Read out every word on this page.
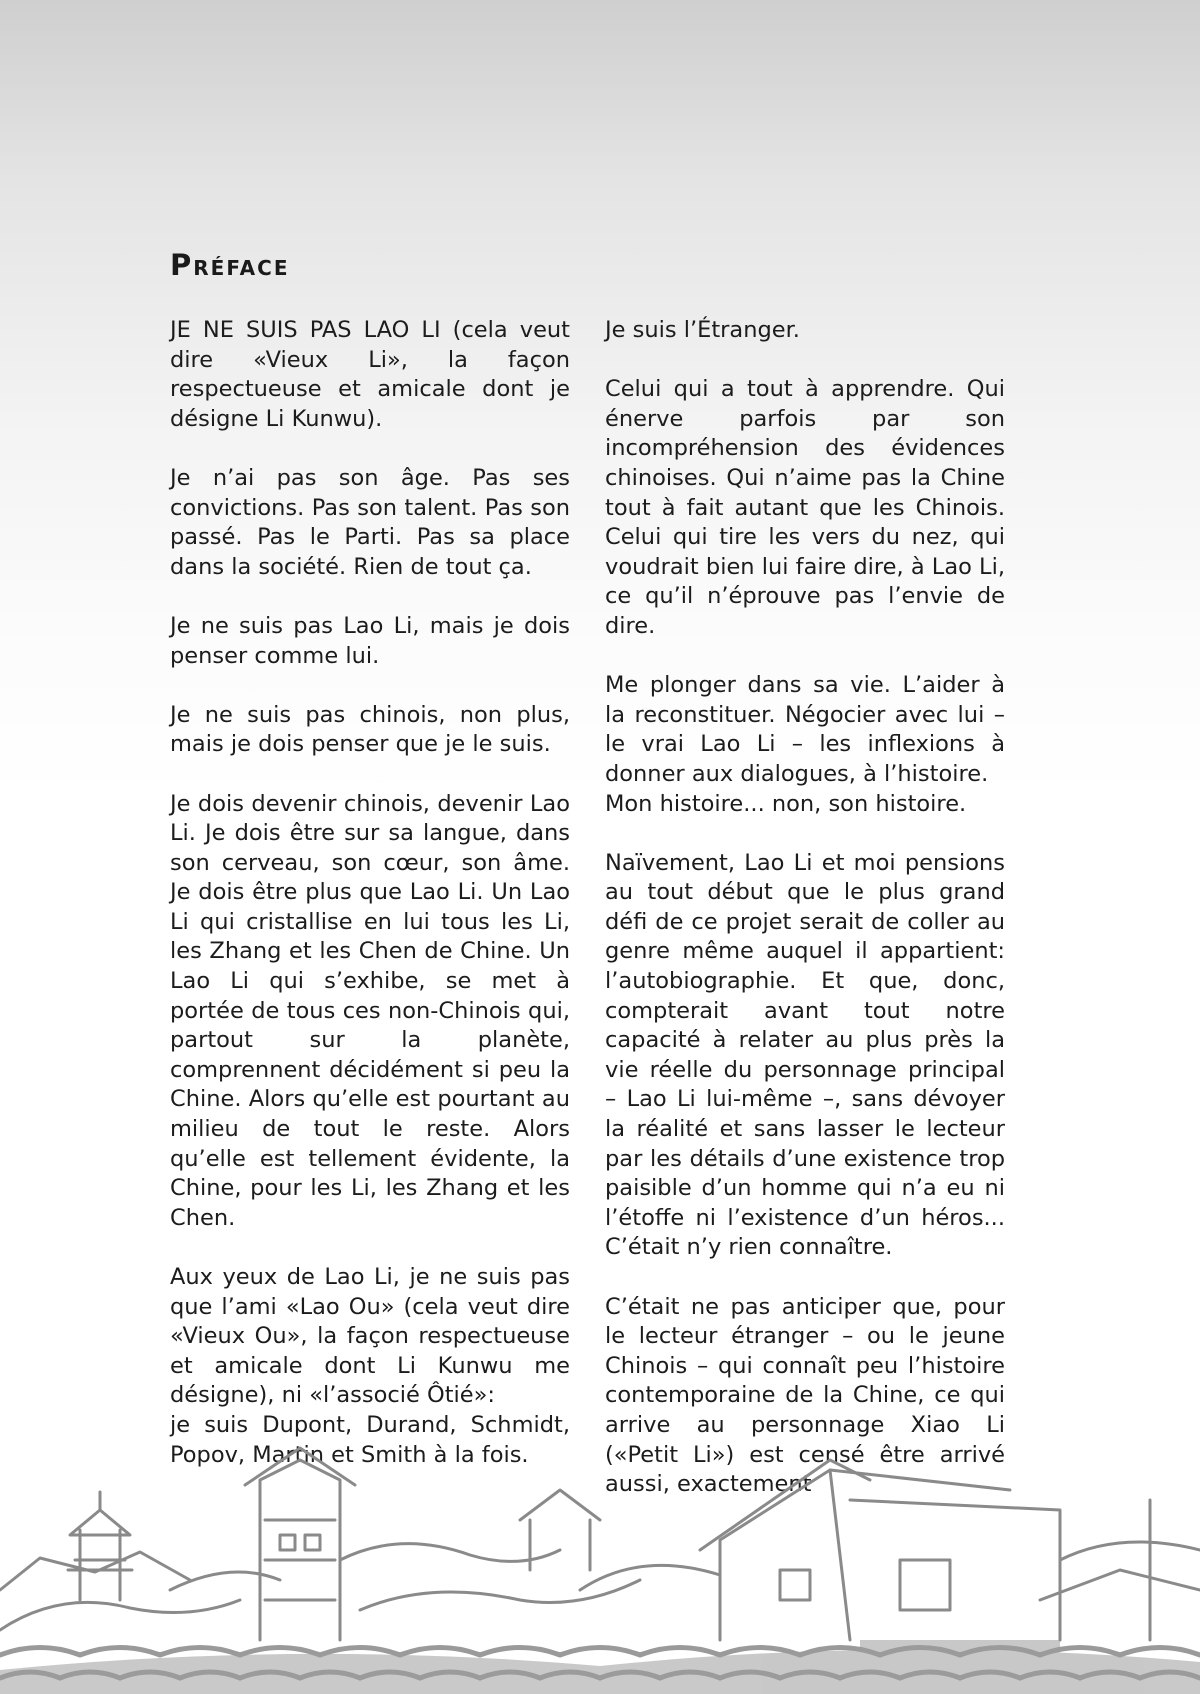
Préface

JE NE SUIS PAS LAO LI (cela veut dire «Vieux Li», la façon respectueuse et amicale dont je désigne Li Kunwu).

Je n’ai pas son âge. Pas ses convictions. Pas son talent. Pas son passé. Pas le Parti. Pas sa place dans la société. Rien de tout ça.

Je ne suis pas Lao Li, mais je dois penser comme lui.

Je ne suis pas chinois, non plus, mais je dois penser que je le suis.

Je dois devenir chinois, devenir Lao Li. Je dois être sur sa langue, dans son cerveau, son cœur, son âme. Je dois être plus que Lao Li. Un Lao Li qui cristallise en lui tous les Li, les Zhang et les Chen de Chine. Un Lao Li qui s’exhibe, se met à portée de tous ces non-Chinois qui, partout sur la planète, comprennent décidément si peu la Chine. Alors qu’elle est pourtant au milieu de tout le reste. Alors qu’elle est tellement évidente, la Chine, pour les Li, les Zhang et les Chen.

Aux yeux de Lao Li, je ne suis pas que l’ami «Lao Ou» (cela veut dire «Vieux Ou», la façon respectueuse et amicale dont Li Kunwu me désigne), ni «l’associé Ôtié»:

je suis Dupont, Durand, Schmidt, Popov, Martin et Smith à la fois.

Je suis l’Étranger.

Celui qui a tout à apprendre. Qui énerve parfois par son incompréhension des évidences chinoises. Qui n’aime pas la Chine tout à fait autant que les Chinois. Celui qui tire les vers du nez, qui voudrait bien lui faire dire, à Lao Li, ce qu’il n’éprouve pas l’envie de dire.

Me plonger dans sa vie. L’aider à la reconstituer. Négocier avec lui – le vrai Lao Li – les inflexions à donner aux dialogues, à l’histoire.

Mon histoire... non, son histoire.

Naïvement, Lao Li et moi pensions au tout début que le plus grand défi de ce projet serait de coller au genre même auquel il appartient: l’autobiographie. Et que, donc, compterait avant tout notre capacité à relater au plus près la vie réelle du personnage principal – Lao Li lui-même –, sans dévoyer la réalité et sans lasser le lecteur par les détails d’une existence trop paisible d’un homme qui n’a eu ni l’étoffe ni l’existence d’un héros... C’était n’y rien connaître.

C’était ne pas anticiper que, pour le lecteur étranger – ou le jeune Chinois – qui connaît peu l’histoire contemporaine de la Chine, ce qui arrive au personnage Xiao Li («Petit Li») est censé être arrivé aussi, exactement
